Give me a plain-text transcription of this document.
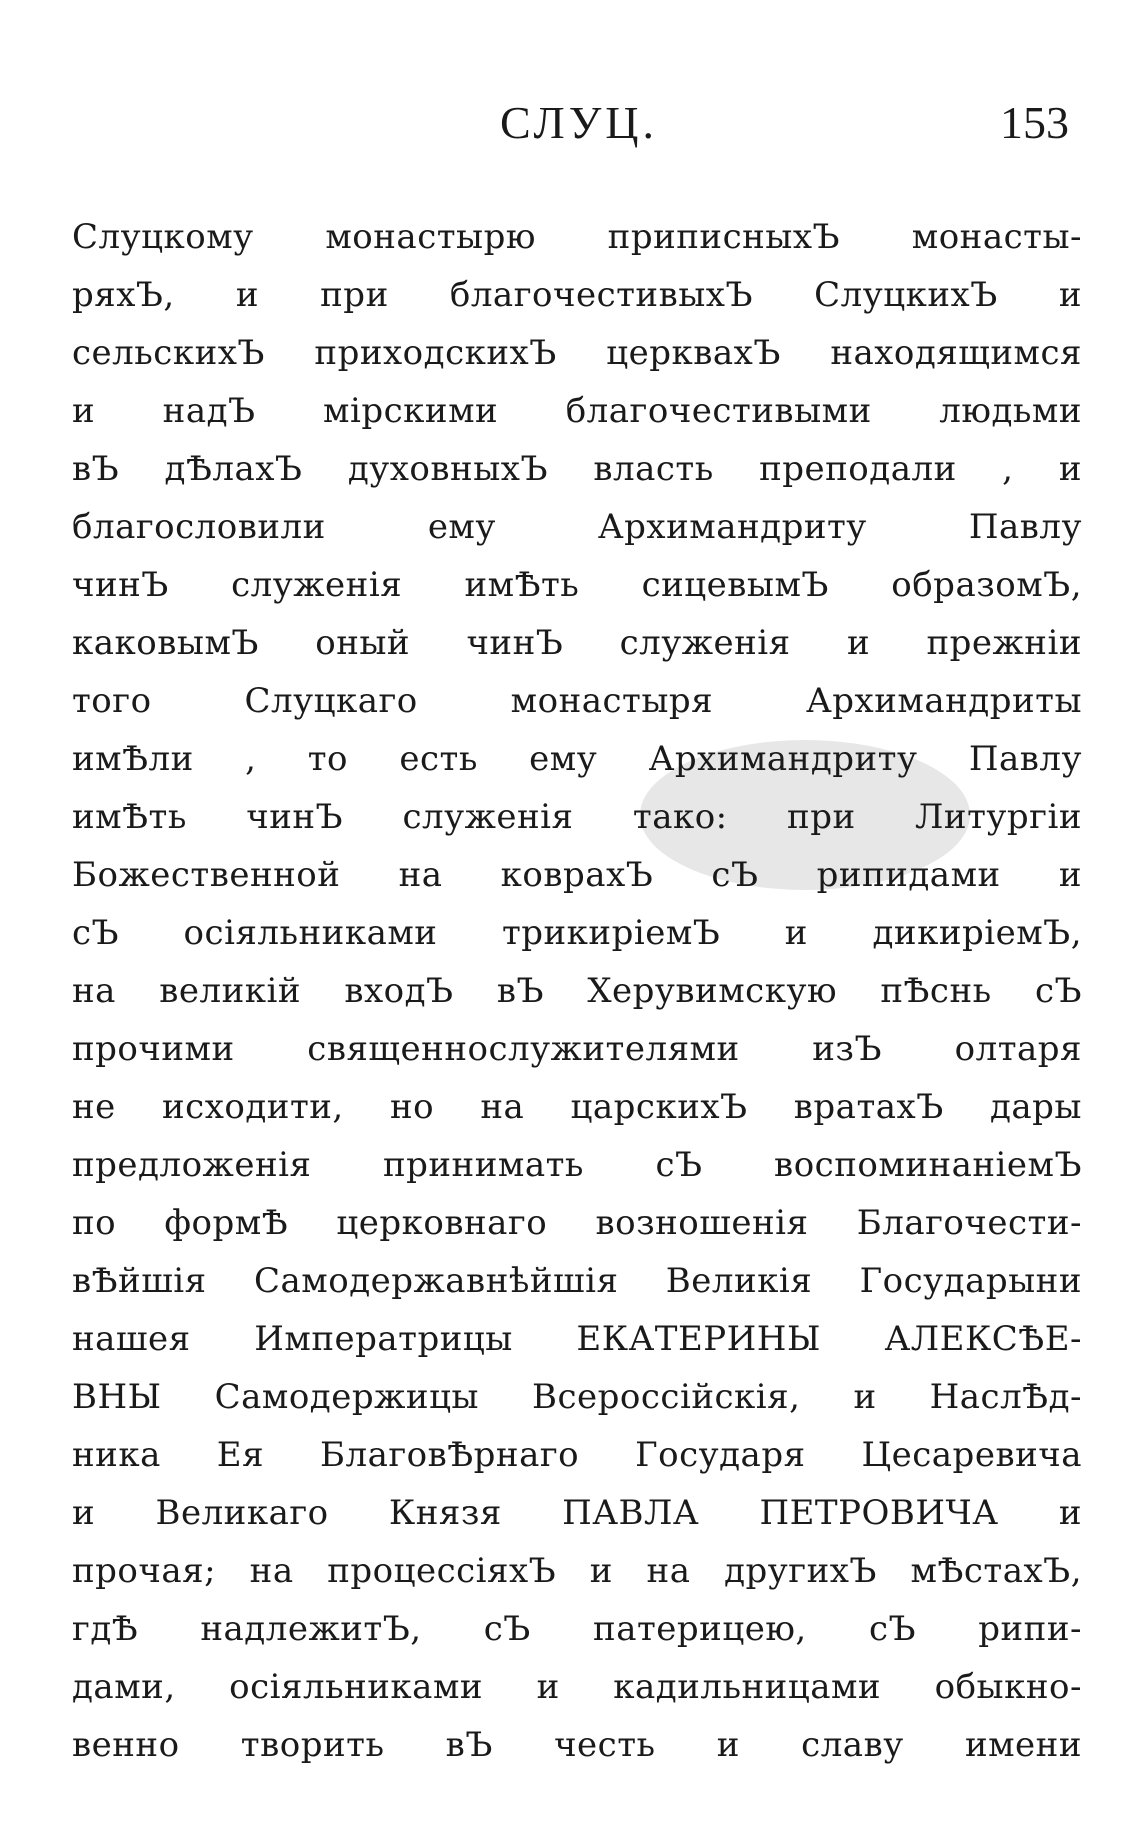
СЛУЦ.	153
Слуцкому монастырю приписныхЪ монасты-
ряхЪ, и при благочестивыхЪ СлуцкихЪ и
сельскихЪ приходскихЪ церквахЪ находящимся
и надЪ мірскими благочестивыми людьми
вЪ дѢлахЪ духовныхЪ власть преподали , и
благословили ему Архимандриту Павлу
чинЪ служенія имѢть сицевымЪ образомЪ,
каковымЪ оный чинЪ служенія и прежніи
того Слуцкаго монастыря Архимандриты
имѢли , то есть ему Архимандриту Павлу
имѢть чинЪ служенія тако: при Литургіи
Божественной на коврахЪ сЪ рипидами и
сЪ осіяльниками трикиріемЪ и дикиріемЪ,
на великій входЪ вЪ Херувимскую пѢснь сЪ
прочими священнослужителями изЪ олтаря
не исходити, но на царскихЪ вратахЪ дары
предложенія принимать сЪ воспоминаніемЪ
по формѢ церковнаго возношенія Благочести-
вѢйшія Самодержавнѣйшія Великія Государыни
нашея Императрицы ЕКАТЕРИНЫ АЛЕКСѢЕ-
ВНЫ Самодержицы Всероссійскія, и НаслѢд-
ника Ея БлаговѢрнаго Государя Цесаревича
и Великаго Князя ПАВЛА ПЕТРОВИЧА и
прочая; на процессіяхЪ и на другихЪ мѢстахЪ,
гдѢ надлежитЪ, сЪ патерицею, сЪ рипи-
дами, осіяльниками и кадильницами обыкно-
венно творить вЪ честь и славу имени
